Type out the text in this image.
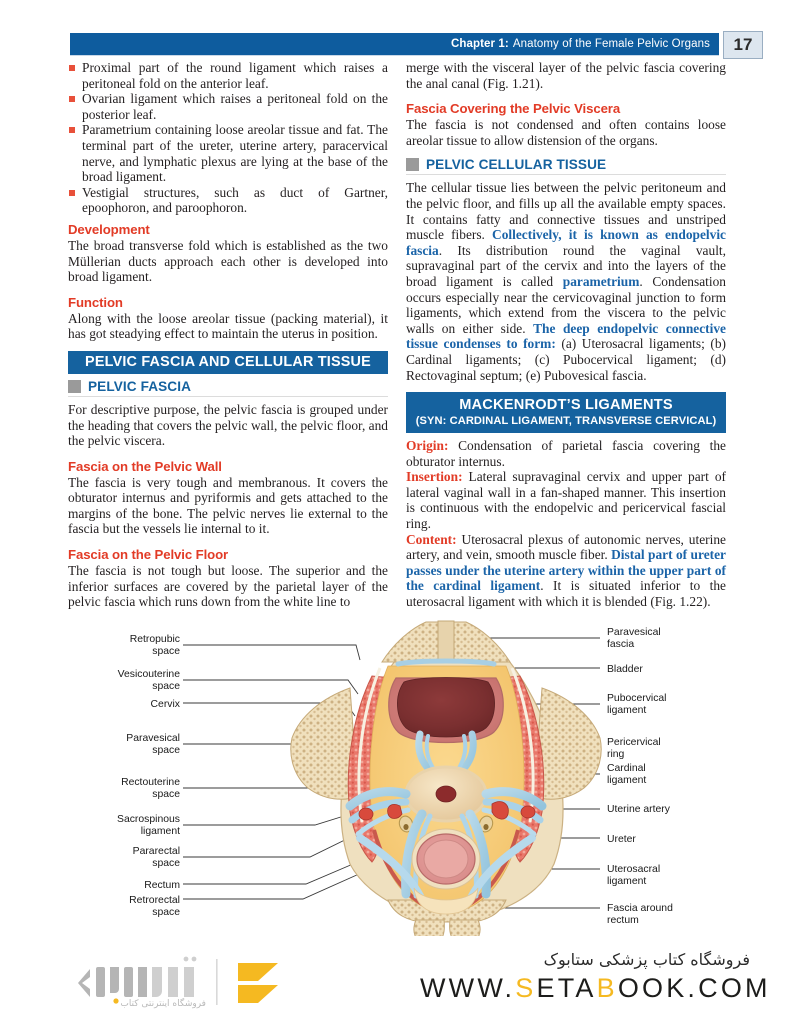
Chapter 1: Anatomy of the Female Pelvic Organs	17
Proximal part of the round ligament which raises a peritoneal fold on the anterior leaf.
Ovarian ligament which raises a peritoneal fold on the posterior leaf.
Parametrium containing loose areolar tissue and fat. The terminal part of the ureter, uterine artery, paracervical nerve, and lymphatic plexus are lying at the base of the broad ligament.
Vestigial structures, such as duct of Gartner, epoophoron, and paroophoron.
Development

The broad transverse fold which is established as the two Müllerian ducts approach each other is developed into broad ligament.

Function

Along with the loose areolar tissue (packing material), it has got steadying effect to maintain the uterus in position.

PELVIC FASCIA AND CELLULAR TISSUE
PELVIC FASCIA

For descriptive purpose, the pelvic fascia is grouped under the heading that covers the pelvic wall, the pelvic floor, and the pelvic viscera.

Fascia on the Pelvic Wall

The fascia is very tough and membranous. It covers the obturator internus and pyriformis and gets attached to the margins of the bone. The pelvic nerves lie external to the fascia but the vessels lie internal to it.

Fascia on the Pelvic Floor

The fascia is not tough but loose. The superior and the inferior surfaces are covered by the parietal layer of the pelvic fascia which runs down from the white line to

merge with the visceral layer of the pelvic fascia covering the anal canal (Fig. 1.21).

Fascia Covering the Pelvic Viscera

The fascia is not condensed and often contains loose areolar tissue to allow distension of the organs.

PELVIC CELLULAR TISSUE

The cellular tissue lies between the pelvic peritoneum and the pelvic floor, and fills up all the available empty spaces. It contains fatty and connective tissues and unstriped muscle fibers. Collectively, it is known as endopelvic fascia. Its distribution round the vaginal vault, supravaginal part of the cervix and into the layers of the broad ligament is called parametrium. Condensation occurs especially near the cervicovaginal junction to form ligaments, which extend from the viscera to the pelvic walls on either side. The deep endopelvic connective tissue condenses to form: (a) Uterosacral ligaments; (b) Cardinal ligaments; (c) Pubocervical ligament; (d) Rectovaginal septum; (e) Pubovesical fascia.

MACKENRODT’S LIGAMENTS
(SYN: CARDINAL LIGAMENT, TRANSVERSE CERVICAL)

Origin: Condensation of parietal fascia covering the obturator internus.

Insertion: Lateral supravaginal cervix and upper part of lateral vaginal wall in a fan-shaped manner. This insertion is continuous with the endopelvic and pericervical fascial ring.

Content: Uterosacral plexus of autonomic nerves, uterine artery, and vein, smooth muscle fiber. Distal part of ureter passes under the uterine artery within the upper part of the cardinal ligament. It is situated inferior to the uterosacral ligament with which it is blended (Fig. 1.22).

Retropubic
space
Vesicouterine
space
Cervix
Paravesical
space
Rectouterine
space
Sacrospinous
ligament
Pararectal
space
Rectum
Retrorectal
space
Paravesical
fascia
Bladder
Pubocervical
ligament
Pericervical
ring
Cardinal
ligament
Uterine artery
Ureter
Uterosacral
ligament
Fascia around
rectum
فروشگاه اینترنتی کتاب
فروشگاه کتاب پزشکی ستابوک
WWW.SETABOOK.COM
